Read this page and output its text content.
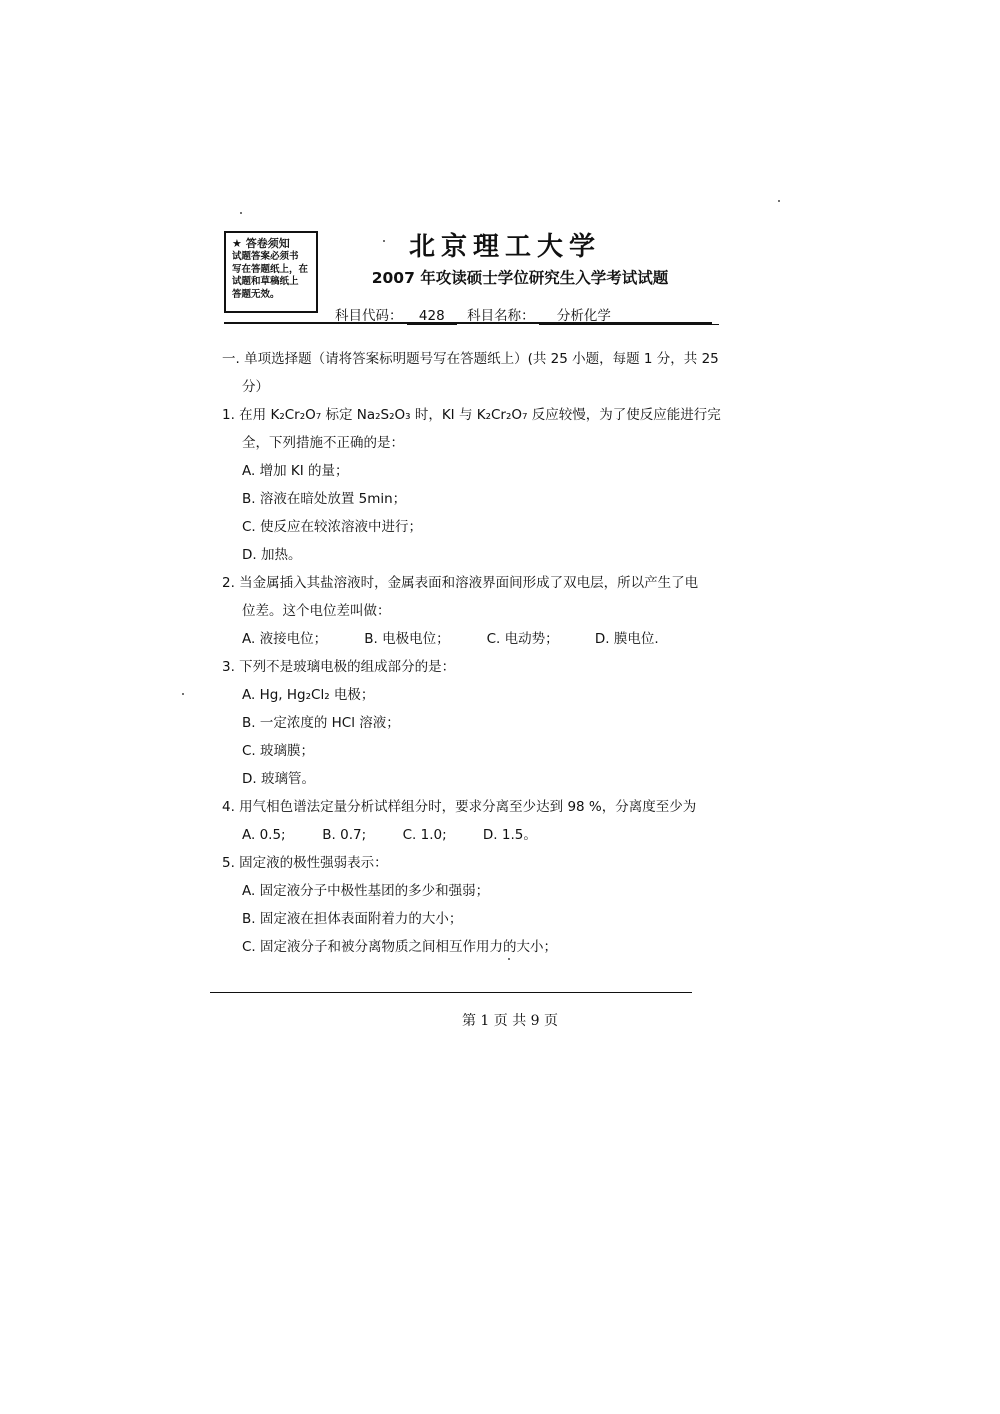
★ 答卷须知
试题答案必须书
写在答题纸上，在
试题和草稿纸上
答题无效。
北京理工大学
2007 年攻读硕士学位研究生入学考试试题
科目代码： 428 科目名称： 分析化学
一. 单项选择题（请将答案标明题号写在答题纸上）(共 25 小题，每题 1 分，共 25
分）
1. 在用 K₂Cr₂O₇ 标定 Na₂S₂O₃ 时，KI 与 K₂Cr₂O₇ 反应较慢，为了使反应能进行完
全，下列措施不正确的是：
A. 增加 KI 的量；
B. 溶液在暗处放置 5min；
C. 使反应在较浓溶液中进行；
D. 加热。
2. 当金属插入其盐溶液时，金属表面和溶液界面间形成了双电层，所以产生了电
位差。这个电位差叫做：
A. 液接电位；	B. 电极电位；	C. 电动势；	D. 膜电位.
3. 下列不是玻璃电极的组成部分的是：
A. Hg, Hg₂Cl₂ 电极；
B. 一定浓度的 HCl 溶液；
C. 玻璃膜；
D. 玻璃管。
4. 用气相色谱法定量分析试样组分时，要求分离至少达到 98 %，分离度至少为
A. 0.5;	B. 0.7;	C. 1.0;	D. 1.5。
5. 固定液的极性强弱表示：
A. 固定液分子中极性基团的多少和强弱；
B. 固定液在担体表面附着力的大小；
C. 固定液分子和被分离物质之间相互作用力的大小；
第 1 页 共 9 页
